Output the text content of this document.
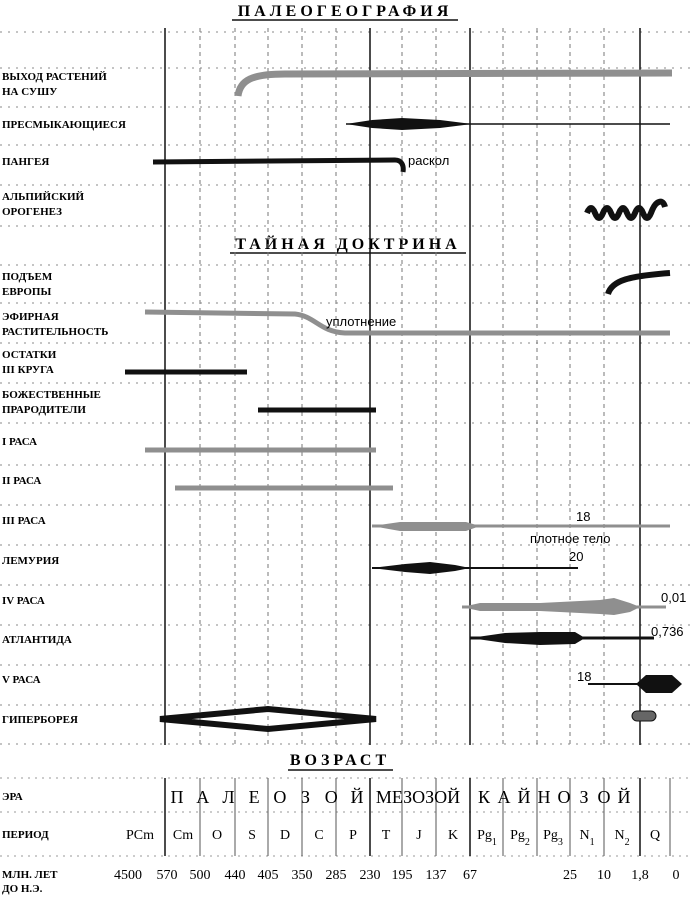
ПАЛЕОГЕОГРАФИЯ
ТАЙНАЯ ДОКТРИНА
ВОЗРАСТ
ВЫХОД РАСТЕНИЙ
НА СУШУ
ПРЕСМЫКАЮЩИЕСЯ
ПАНГЕЯ
АЛЬПИЙСКИЙ
ОРОГЕНЕЗ
ПОДЪЕМ
ЕВРОПЫ
ЭФИРНАЯ
РАСТИТЕЛЬНОСТЬ
ОСТАТКИ
III КРУГА
БОЖЕСТВЕННЫЕ
ПРАРОДИТЕЛИ
I РАСА
II РАСА
III РАСА
ЛЕМУРИЯ
IV РАСА
АТЛАНТИДА
V РАСА
ГИПЕРБОРЕЯ
раскол
уплотнение
18
плотное тело
20
0,01
0,736
18
ЭРА
ПЕРИОД
МЛН. ЛЕТ
ДО Н.Э.
П А Л Е О З О Й МЕЗОЗОЙ К А Й Н О З О Й
PCm Cm O S D C P T J K $Pg_1$ $Pg_2$ $Pg_3$ $N_1$ $N_2$ Q
4500 570 500 440 405 350 285 230 195 137 67	25 10 1,8 0
